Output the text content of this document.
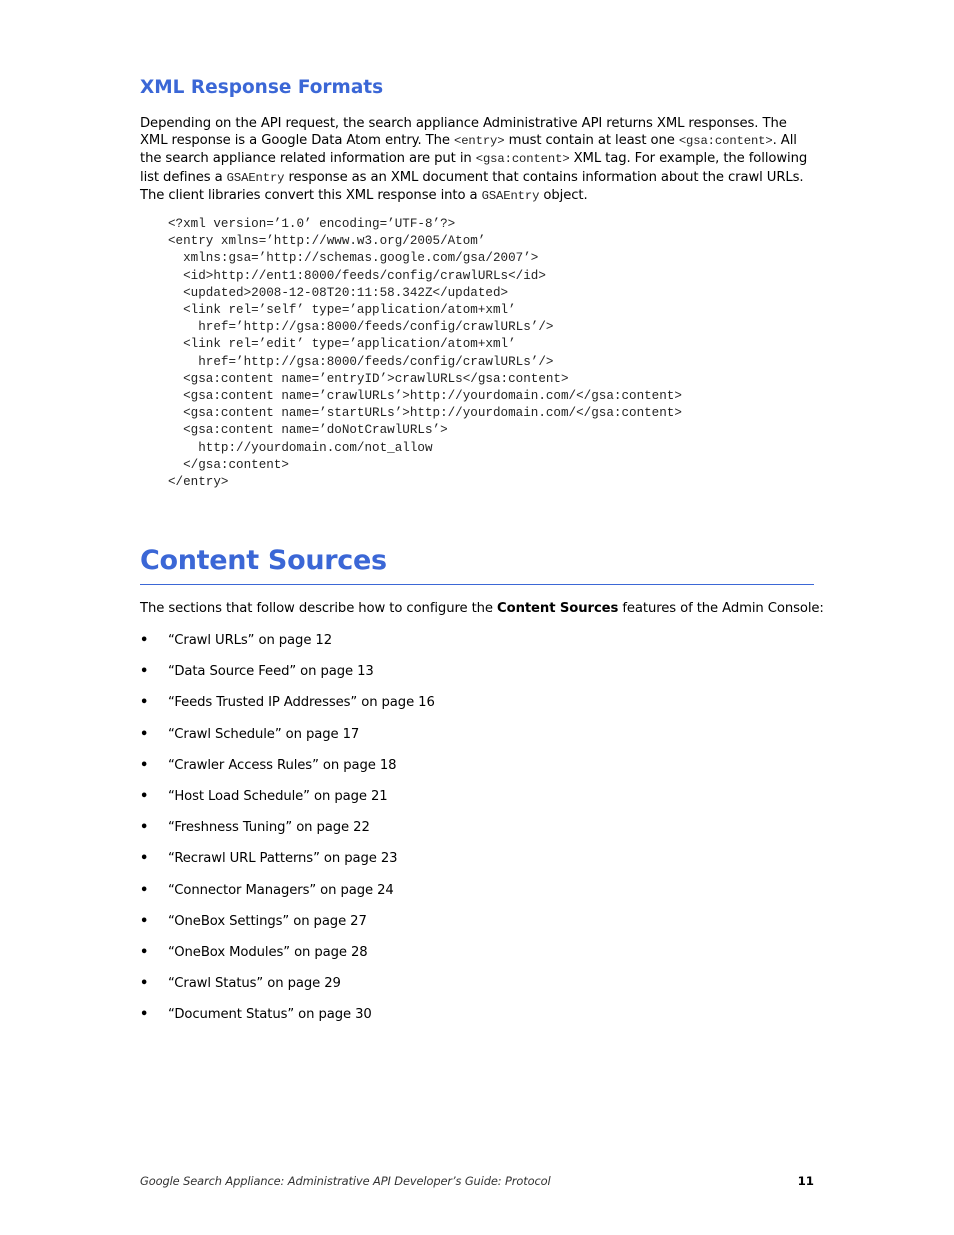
XML Response Formats

Depending on the API request, the search appliance Administrative API returns XML responses. The XML response is a Google Data Atom entry. The <entry> must contain at least one <gsa:content>. All the search appliance related information are put in <gsa:content> XML tag. For example, the following list defines a GSAEntry response as an XML document that contains information about the crawl URLs. The client libraries convert this XML response into a GSAEntry object.

<?xml version=’1.0’ encoding=’UTF-8’?>
<entry xmlns=’http://www.w3.org/2005/Atom’
xmlns:gsa=’http://schemas.google.com/gsa/2007’>
<id>http://ent1:8000/feeds/config/crawlURLs</id>
<updated>2008-12-08T20:11:58.342Z</updated>
<link rel=’self’ type=’application/atom+xml’
href=’http://gsa:8000/feeds/config/crawlURLs’/>
<link rel=’edit’ type=’application/atom+xml’
href=’http://gsa:8000/feeds/config/crawlURLs’/>
<gsa:content name=’entryID’>crawlURLs</gsa:content>
<gsa:content name=’crawlURLs’>http://yourdomain.com/</gsa:content>
<gsa:content name=’startURLs’>http://yourdomain.com/</gsa:content>
<gsa:content name=’doNotCrawlURLs’>
http://yourdomain.com/not_allow
</gsa:content>
</entry>
Content Sources

The sections that follow describe how to configure the Content Sources features of the Admin Console:

• “Crawl URLs” on page 12
• “Data Source Feed” on page 13
• “Feeds Trusted IP Addresses” on page 16
• “Crawl Schedule” on page 17
• “Crawler Access Rules” on page 18
• “Host Load Schedule” on page 21
• “Freshness Tuning” on page 22
• “Recrawl URL Patterns” on page 23
• “Connector Managers” on page 24
• “OneBox Settings” on page 27
• “OneBox Modules” on page 28
• “Crawl Status” on page 29
• “Document Status” on page 30
Google Search Appliance: Administrative API Developer’s Guide: Protocol	11
